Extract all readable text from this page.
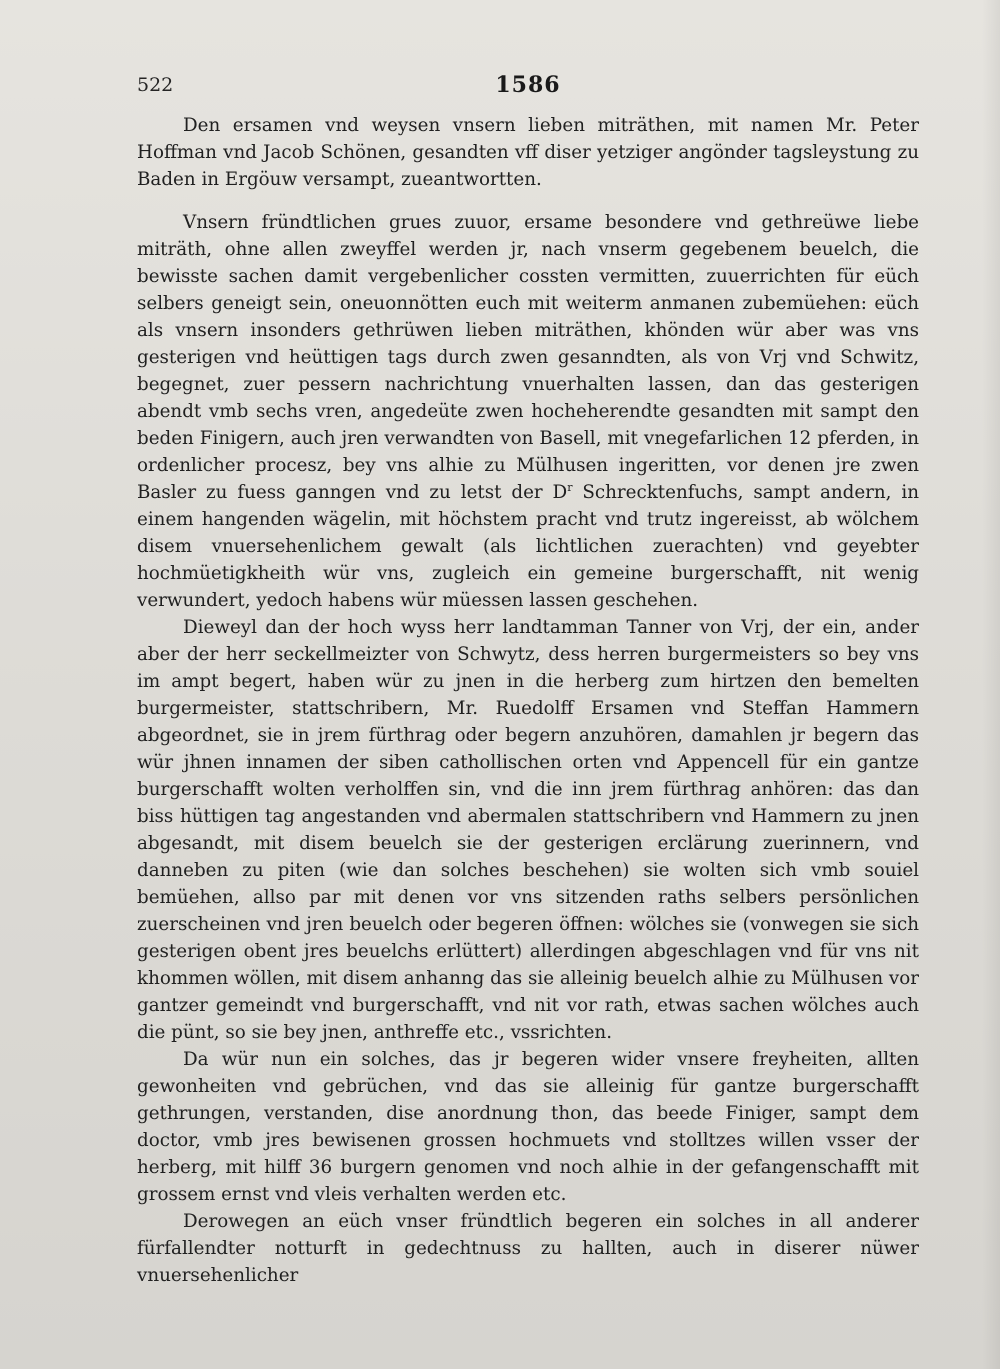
522	1586

Den ersamen vnd weysen vnsern lieben miträthen, mit namen Mr. Peter Hoffman vnd Jacob Schönen, gesandten vff diser yetziger angönder tagsleystung zu Baden in Ergöuw versampt, zueantwortten.

Vnsern fründtlichen grues zuuor, ersame besondere vnd gethreüwe liebe miträth, ohne allen zweyffel werden jr, nach vnserm gegebenem beuelch, die bewisste sachen damit vergebenlicher cossten vermitten, zuuerrichten für eüch selbers geneigt sein, oneuonnötten euch mit weiterm anmanen zubemüehen: eüch als vnsern insonders gethrüwen lieben miträthen, khönden wür aber was vns gesterigen vnd heüttigen tags durch zwen gesanndten, als von Vrj vnd Schwitz, begegnet, zuer pessern nachrichtung vnuerhalten lassen, dan das gesterigen abendt vmb sechs vren, angedeüte zwen hocheherendte gesandten mit sampt den beden Finigern, auch jren verwandten von Basell, mit vnegefarlichen 12 pferden, in ordenlicher procesz, bey vns alhie zu Mülhusen ingeritten, vor denen jre zwen Basler zu fuess ganngen vnd zu letst der $D^r$ Schrecktenfuchs, sampt andern, in einem hangenden wägelin, mit höchstem pracht vnd trutz ingereisst, ab wölchem disem vnuersehenlichem gewalt (als lichtlichen zuerachten) vnd geyebter hochmüetigkheith wür vns, zugleich ein gemeine burgerschafft, nit wenig verwundert, yedoch habens wür müessen lassen geschehen.

Dieweyl dan der hoch wyss herr landtamman Tanner von Vrj, der ein, ander aber der herr seckellmeizter von Schwytz, dess herren burgermeisters so bey vns im ampt begert, haben wür zu jnen in die herberg zum hirtzen den bemelten burgermeister, stattschribern, Mr. Ruedolff Ersamen vnd Steffan Hammern abgeordnet, sie in jrem fürthrag oder begern anzuhören, damahlen jr begern das wür jhnen innamen der siben cathollischen orten vnd Appencell für ein gantze burgerschafft wolten verholffen sin, vnd die inn jrem fürthrag anhören: das dan biss hüttigen tag angestanden vnd abermalen stattschribern vnd Hammern zu jnen abgesandt, mit disem beuelch sie der gesterigen erclärung zuerinnern, vnd danneben zu piten (wie dan solches beschehen) sie wolten sich vmb souiel bemüehen, allso par mit denen vor vns sitzenden raths selbers persönlichen zuerscheinen vnd jren beuelch oder begeren öffnen: wölches sie (vonwegen sie sich gesterigen obent jres beuelchs erlüttert) allerdingen abgeschlagen vnd für vns nit khommen wöllen, mit disem anhanng das sie alleinig beuelch alhie zu Mülhusen vor gantzer gemeindt vnd burgerschafft, vnd nit vor rath, etwas sachen wölches auch die pünt, so sie bey jnen, anthreffe etc., vssrichten.

Da wür nun ein solches, das jr begeren wider vnsere freyheiten, allten gewonheiten vnd gebrüchen, vnd das sie alleinig für gantze burgerschafft gethrungen, verstanden, dise anordnung thon, das beede Finiger, sampt dem doctor, vmb jres bewisenen grossen hochmuets vnd stolltzes willen vsser der herberg, mit hilff 36 burgern genomen vnd noch alhie in der gefangenschafft mit grossem ernst vnd vleis verhalten werden etc.

Derowegen an eüch vnser fründtlich begeren ein solches in all anderer fürfallendter notturft in gedechtnuss zu hallten, auch in diserer nüwer vnuersehenlicher
